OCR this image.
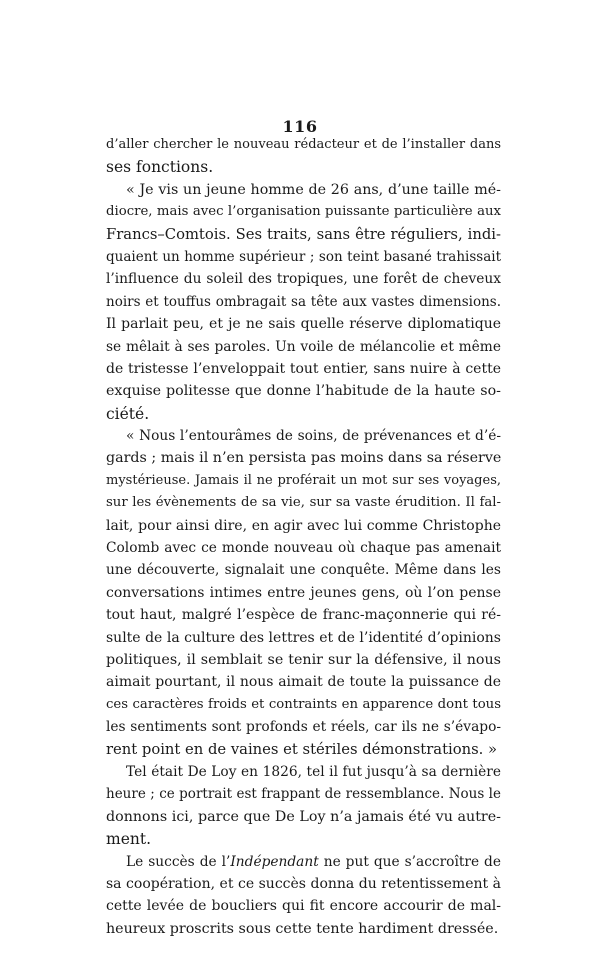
116
d’aller chercher le nouveau rédacteur et de l’installer dans
ses fonctions.
« Je vis un jeune homme de 26 ans, d’une taille mé-
diocre, mais avec l’organisation puissante particulière aux
Francs–Comtois. Ses traits, sans être réguliers, indi-
quaient un homme supérieur ; son teint basané trahissait
l’influence du soleil des tropiques, une forêt de cheveux
noirs et touffus ombragait sa tête aux vastes dimensions.
Il parlait peu, et je ne sais quelle réserve diplomatique
se mêlait à ses paroles. Un voile de mélancolie et même
de tristesse l’enveloppait tout entier, sans nuire à cette
exquise politesse que donne l’habitude de la haute so-
ciété.
« Nous l’entourâmes de soins, de prévenances et d’é-
gards ; mais il n’en persista pas moins dans sa réserve
mystérieuse. Jamais il ne proférait un mot sur ses voyages,
sur les évènements de sa vie, sur sa vaste érudition. Il fal-
lait, pour ainsi dire, en agir avec lui comme Christophe
Colomb avec ce monde nouveau où chaque pas amenait
une découverte, signalait une conquête. Même dans les
conversations intimes entre jeunes gens, où l’on pense
tout haut, malgré l’espèce de franc-maçonnerie qui ré-
sulte de la culture des lettres et de l’identité d’opinions
politiques, il semblait se tenir sur la défensive, il nous
aimait pourtant, il nous aimait de toute la puissance de
ces caractères froids et contraints en apparence dont tous
les sentiments sont profonds et réels, car ils ne s’évapo-
rent point en de vaines et stériles démonstrations. »
Tel était De Loy en 1826, tel il fut jusqu’à sa dernière
heure ; ce portrait est frappant de ressemblance. Nous le
donnons ici, parce que De Loy n’a jamais été vu autre-
ment.
Le succès de l’Indépendant ne put que s’accroître de
sa coopération, et ce succès donna du retentissement à
cette levée de boucliers qui fit encore accourir de mal-
heureux proscrits sous cette tente hardiment dressée.
